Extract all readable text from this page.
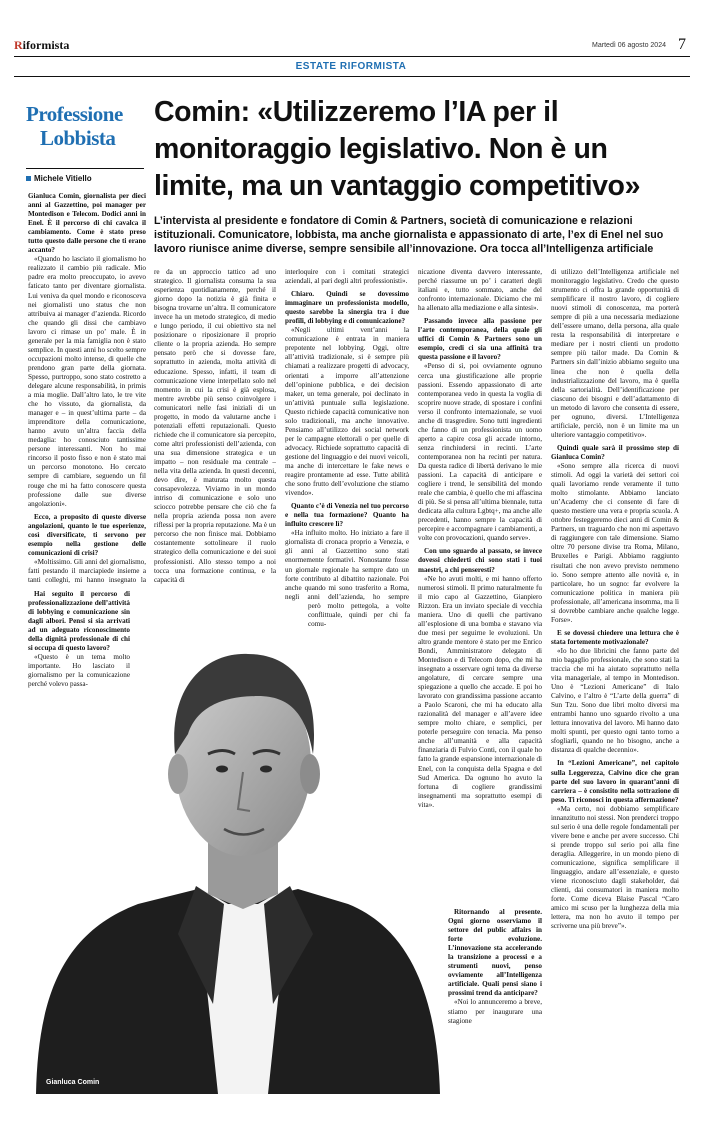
Riformista	Martedì 06 agosto 2024 7
ESTATE RIFORMISTA
Professione
Lobbista
Michele Vitiello
Comin: «Utilizzeremo l’IA per il monitoraggio legislativo. Non è un limite, ma un vantaggio competitivo»
L’intervista al presidente e fondatore di Comin & Partners, società di comunicazione e relazioni istituzionali. Comunicatore, lobbista, ma anche giornalista e appassionato di arte, l’ex di Enel nel suo lavoro riunisce anime diverse, sempre sensibile all’innovazione. Ora tocca all’Intelligenza artificiale
Gianluca Comin

Gianluca Comin, giornalista per dieci anni al Gazzettino, poi manager per Montedison e Telecom. Dodici anni in Enel. È il percorso di chi cavalca il cambiamento. Come è stato preso tutto questo dalle persone che ti erano accanto?

«Quando ho lasciato il giornalismo ho realizzato il cambio più radicale. Mio padre era molto preoccupato, io avevo faticato tanto per diventare giornalista. Lui veniva da quel mondo e riconosceva nei giornalisti uno status che non attribuiva ai manager d’azienda. Ricordo che quando gli dissi che cambiavo lavoro ci rimase un po’ male. È in generale per la mia famiglia non è stato semplice. In questi anni ho scelto sempre occupazioni molto intense, di quelle che prendono gran parte della giornata. Spesso, purtroppo, sono stato costretto a delegare alcune responsabilità, in primis a mia moglie. Dall’altro lato, le tre vite che ho vissuto, da giornalista, da manager e – in quest’ultima parte – da imprenditore della comunicazione, hanno avuto un’altra faccia della medaglia: ho conosciuto tantissime persone interessanti. Non ho mai rincorso il posto fisso e non è stato mai un percorso monotono. Ho cercato sempre di cambiare, seguendo un fil rouge che mi ha fatto conoscere questa professione dalle sue diverse angolazioni».

Ecco, a proposito di queste diverse angolazioni, quanto le tue esperienze, così diversificate, ti servono per esempio nella gestione delle comunicazioni di crisi?

«Moltissimo. Gli anni del giornalismo, fatti pestando il marciapiede insieme a tanti colleghi, mi hanno insegnato la

Hai seguito il percorso di professionalizzazione dell’attività di lobbying e comunicazione sin dagli albori. Pensi si sia arrivati ad un adeguato riconoscimento della dignità professionale di chi si occupa di questo lavoro?

«Questo è un tema molto importante. Ho lasciato il giornalismo per la comunicazione perché volevo passa-

re da un approccio tattico ad uno strategico. Il giornalista consuma la sua esperienza quotidianamente, perché il giorno dopo la notizia è già finita e bisogna trovarne un’altra. Il comunicatore invece ha un metodo strategico, di medio e lungo periodo, il cui obiettivo sta nel posizionare o riposizionare il proprio cliente o la propria azienda. Ho sempre pensato però che si dovesse fare, soprattutto in azienda, molta attività di educazione. Spesso, infatti, il team di comunicazione viene interpellato solo nel momento in cui la crisi è già esplosa, mentre avrebbe più senso coinvolgere i comunicatori nelle fasi iniziali di un progetto, in modo da valutarne anche i potenziali effetti reputazionali. Questo richiede che il comunicatore sia percepito, come altri professionisti dell’azienda, con una sua dimensione strategica e un impatto – non residuale ma centrale – nella vita della azienda. In questi decenni, devo dire, è maturata molto questa consapevolezza. Viviamo in un mondo intriso di comunicazione e solo uno sciocco potrebbe pensare che ciò che fa nella propria azienda possa non avere riflessi per la propria reputazione. Ma è un percorso che non finisce mai. Dobbiamo costantemente sottolineare il ruolo strategico della comunicazione e dei suoi professionisti. Allo stesso tempo a noi tocca una formazione continua, e la capacità di

interloquire con i comitati strategici aziendali, al pari degli altri professionisti».

Chiaro. Quindi se dovessimo immaginare un professionista modello, questo sarebbe la sinergia tra i due profili, di lobbying e di comunicazione?

«Negli ultimi vent’anni la comunicazione è entrata in maniera prepotente nel lobbying. Oggi, oltre all’attività tradizionale, si è sempre più chiamati a realizzare progetti di advocacy, orientati a imporre all’attenzione dell’opinione pubblica, e dei decision maker, un tema generale, poi declinato in un’attività puntuale sulla legislazione. Questo richiede capacità comunicative non solo tradizionali, ma anche innovative. Pensiamo all’utilizzo dei social network per le campagne elettorali o per quelle di advocacy. Richiede soprattutto capacità di gestione del linguaggio e dei nuovi veicoli, ma anche di intercettare le fake news e reagire prontamente ad esse. Tutte abilità che sono frutto dell’evoluzione che stiamo vivendo».

Quanto c’è di Venezia nel tuo percorso e nella tua formazione? Quanto ha influito crescere lì?

«Ha influito molto. Ho iniziato a fare il giornalista di cronaca proprio a Venezia, e gli anni al Gazzettino sono stati enormemente formativi. Nonostante fosse un giornale regionale ha sempre dato un forte contributo al dibattito nazionale. Poi anche quando mi sono trasferito a Roma, negli anni dell’azienda, ho sempre

però molto pettegola, a volte conflittuale, quindi per chi fa comu-

nicazione diventa davvero interessante, perché riassume un po’ i caratteri degli italiani e, tutto sommato, anche del confronto internazionale. Diciamo che mi ha allenato alla mediazione e alla sintesi».

Passando invece alla passione per l’arte contemporanea, della quale gli uffici di Comin & Partners sono un esempio, credi ci sia una affinità tra questa passione e il lavoro?

«Penso di sì, poi ovviamente ognuno cerca una giustificazione alle proprie passioni. Essendo appassionato di arte contemporanea vedo in questa la voglia di scoprire nuove strade, di spostare i confini verso il confronto internazionale, se vuoi anche di trasgredire. Sono tutti ingredienti che fanno di un professionista un uomo aperto a capire cosa gli accade intorno, senza rinchiudersi in recinti. L’arte contemporanea non ha recinti per natura. Da questa radice di libertà derivano le mie passioni. La capacità di anticipare e cogliere i trend, le sensibilità del mondo reale che cambia, è quello che mi affascina di più. Se si pensa all’ultima biennale, tutta dedicata alla cultura Lgbtq+, ma anche alle precedenti, hanno sempre la capacità di percepire e accompagnare i cambiamenti, a volte con provocazioni, quando serve».

Con uno sguardo al passato, se invece dovessi chiederti chi sono stati i tuoi maestri, a chi penseresti?

«Ne ho avuti molti, e mi hanno offerto numerosi stimoli. Il primo naturalmente fu il mio capo al Gazzettino, Gianpiero Rizzon. Era un inviato speciale di vecchia maniera. Uno di quelli che partivano all’esplosione di una bomba e stavano via due mesi per seguirne le evoluzioni. Un altro grande mentore è stato per me Enrico Bondi, Amministratore delegato di Montedison e di Telecom dopo, che mi ha insegnato a osservare ogni tema da diverse angolature, di cercare sempre una spiegazione a quello che accade. E poi ho lavorato con grandissima passione accanto a Paolo Scaroni, che mi ha educato alla razionalità del manager e all’avere idee sempre molto chiare, e semplici, per poterle perseguire con tenacia. Ma penso anche all’umanità e alla capacità finanziaria di Fulvio Conti, con il quale ho fatto la grande espansione internazionale di Enel, con la conquista della Spagna e del Sud America. Da ognuno ho avuto la fortuna di cogliere grandissimi insegnamenti ma soprattutto esempi di vita».

Ritornando al presente. Ogni giorno osserviamo il settore del public affairs in forte evoluzione. L’innovazione sta accelerando la transizione a processi e a strumenti nuovi, penso ovviamente all’Intelligenza artificiale. Quali pensi siano i prossimi trend da anticipare?

«Noi lo annunceremo a breve, stiamo per inaugurare una stagione

di utilizzo dell’Intelligenza artificiale nel monitoraggio legislativo. Credo che questo strumento ci offra la grande opportunità di semplificare il nostro lavoro, di cogliere nuovi stimoli di conoscenza, ma porterà sempre di più a una necessaria mediazione dell’essere umano, della persona, alla quale resta la responsabilità di interpretare e mediare per i nostri clienti un prodotto sempre più tailor made. Da Comin & Partners sin dall’inizio abbiamo seguito una linea che non è quella della industrializzazione del lavoro, ma è quella della sartorialità. Dell’identificazione per ciascuno dei bisogni e dell’adattamento di un metodo di lavoro che consenta di essere, per ognuno, diversi. L’Intelligenza artificiale, perciò, non è un limite ma un ulteriore vantaggio competitivo».

Quindi quale sarà il prossimo step di Gianluca Comin?

«Sono sempre alla ricerca di nuovi stimoli. Ad oggi la varietà dei settori coi quali lavoriamo rende veramente il tutto molto stimolante. Abbiamo lanciato un’Academy che ci consente di fare di questo mestiere una vera e propria scuola. A ottobre festeggeremo dieci anni di Comin & Partners, un traguardo che non mi aspettavo di raggiungere con tale dimensione. Siamo oltre 70 persone divise tra Roma, Milano, Bruxelles e Parigi. Abbiamo raggiunto risultati che non avevo previsto nemmeno io. Sono sempre attento alle novità e, in particolare, ho un sogno: far evolvere la comunicazione politica in maniera più professionale, all’americana insomma, ma lì si dovrebbe cambiare anche qualche legge. Forse».

E se dovessi chiedere una lettura che è stata fortemente motivazionale?

«Io ho due libricini che fanno parte del mio bagaglio professionale, che sono stati la traccia che mi ha aiutato soprattutto nella vita manageriale, al tempo in Montedison. Uno è “Lezioni Americane” di Italo Calvino, e l’altro è “L’arte della guerra” di Sun Tzu. Sono due libri molto diversi ma entrambi hanno uno sguardo rivolto a una lettura innovativa del lavoro. Mi hanno dato molti spunti, per questo ogni tanto torno a sfogliarli, quando ne ho bisogno, anche a distanza di qualche decennio».

In “Lezioni Americane”, nel capitolo sulla Leggerezza, Calvino dice che gran parte del suo lavoro in quarant’anni di carriera – è consistito nella sottrazione di peso. Ti riconosci in questa affermazione?

«Ma certo, noi dobbiamo semplificare innanzitutto noi stessi. Non prenderci troppo sul serio è una delle regole fondamentali per vivere bene e anche per avere successo. Chi si prende troppo sul serio poi alla fine deraglia. Alleggerire, in un mondo pieno di comunicazione, significa semplificare il linguaggio, andare all’essenziale, e questo viene riconosciuto dagli stakeholder, dai clienti, dai consumatori in maniera molto forte. Come diceva Blaise Pascal “Caro amico mi scuso per la lunghezza della mia lettera, ma non ho avuto il tempo per scriverne una più breve”».
